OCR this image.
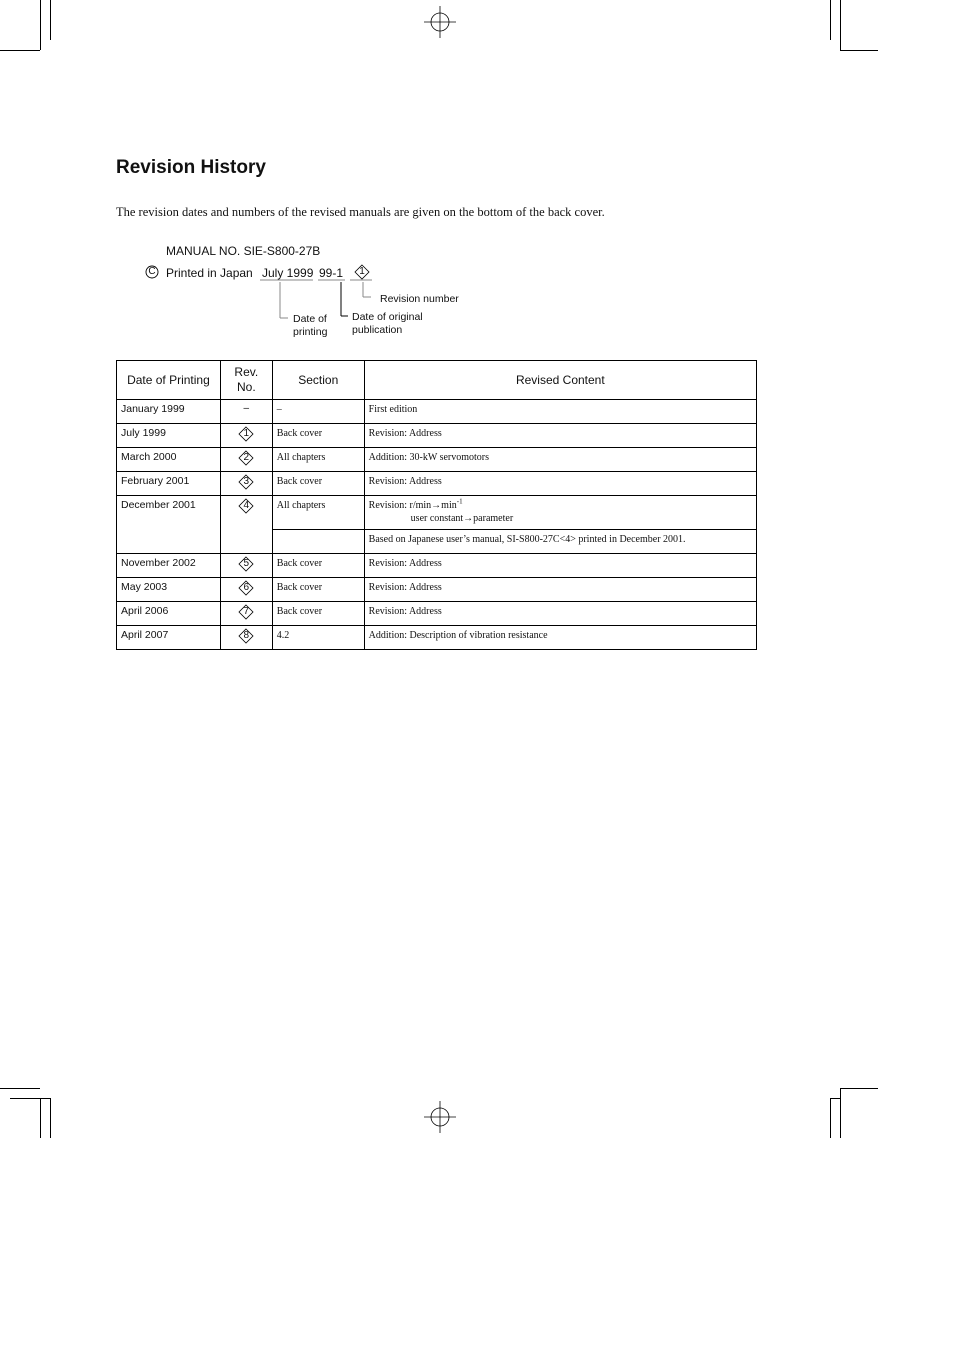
Revision History
The revision dates and numbers of the revised manuals are given on the bottom of the back cover.
MANUAL NO. SIE-S800-27B
C Printed in Japan July 1999 99-1	1
Revision number
Date of
printing
Date of original
publication
Date of Printing	Rev.
No.	Section	Revised Content
January 1999	–	–	First edition
July 1999	1	Back cover	Revision: Address
March 2000	2	All chapters	Addition: 30-kW servomotors
February 2001	3	Back cover	Revision: Address
December 2001	4	All chapters	Revision: $r/\min\to\min^{-1}$
user constant→parameter

			Based on Japanese user’s manual, SI-S800-27C<4> printed in December 2001.
November 2002	5	Back cover	Revision: Address
May 2003	6	Back cover	Revision: Address
April 2006	7	Back cover	Revision: Address
April 2007	8	4.2	Addition: Description of vibration resistance
